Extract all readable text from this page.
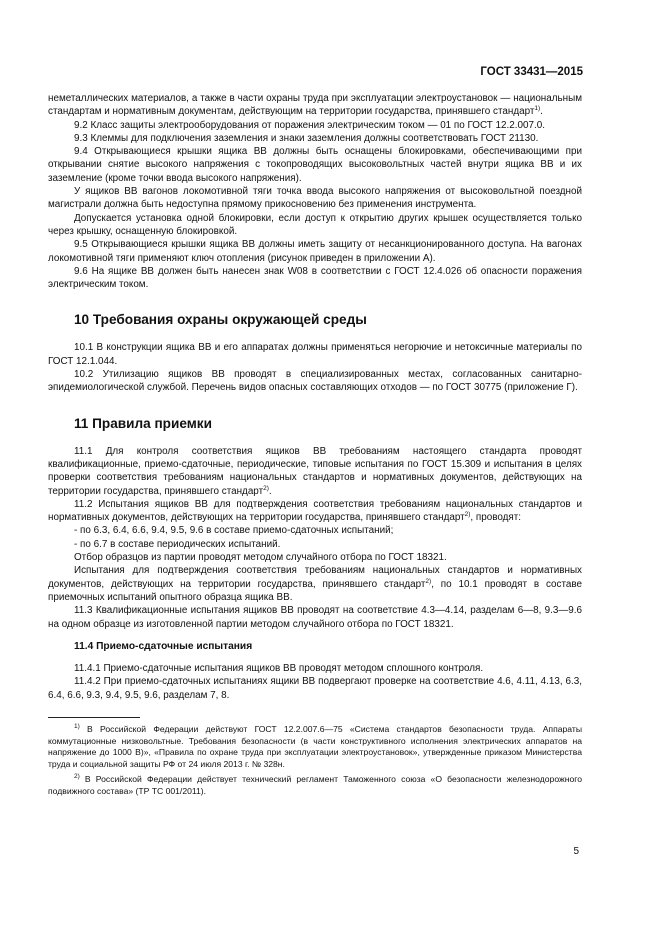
ГОСТ 33431—2015

неметаллических материалов, а также в части охраны труда при эксплуатации электроустановок — национальным стандартам и нормативным документам, действующим на территории государства, принявшего стандарт$^{1)}$.

9.2 Класс защиты электрооборудования от поражения электрическим током — 01 по ГОСТ 12.2.007.0.

9.3 Клеммы для подключения заземления и знаки заземления должны соответствовать ГОСТ 21130.

9.4 Открывающиеся крышки ящика ВВ должны быть оснащены блокировками, обеспечивающими при открывании снятие высокого напряжения с токопроводящих высоковольтных частей внутри ящика ВВ и их заземление (кроме точки ввода высокого напряжения).

У ящиков ВВ вагонов локомотивной тяги точка ввода высокого напряжения от высоковольтной поездной магистрали должна быть недоступна прямому прикосновению без применения инструмента.

Допускается установка одной блокировки, если доступ к открытию других крышек осуществляется только через крышку, оснащенную блокировкой.

9.5 Открывающиеся крышки ящика ВВ должны иметь защиту от несанкционированного доступа. На вагонах локомотивной тяги применяют ключ отопления (рисунок приведен в приложении А).

9.6 На ящике ВВ должен быть нанесен знак W08 в соответствии с ГОСТ 12.4.026 об опасности поражения электрическим током.

10 Требования охраны окружающей среды

10.1 В конструкции ящика ВВ и его аппаратах должны применяться негорючие и нетоксичные материалы по ГОСТ 12.1.044.

10.2 Утилизацию ящиков ВВ проводят в специализированных местах, согласованных санитарно-эпидемиологической службой. Перечень видов опасных составляющих отходов — по ГОСТ 30775 (приложение Г).

11 Правила приемки

11.1 Для контроля соответствия ящиков ВВ требованиям настоящего стандарта проводят квалификационные, приемо-сдаточные, периодические, типовые испытания по ГОСТ 15.309 и испытания в целях проверки соответствия требованиям национальных стандартов и нормативных документов, действующих на территории государства, принявшего стандарт$^{2)}$.

11.2 Испытания ящиков ВВ для подтверждения соответствия требованиям национальных стандартов и нормативных документов, действующих на территории государства, принявшего стандарт$^{2)}$, проводят:

- по 6.3, 6.4, 6.6, 9.4, 9.5, 9.6 в составе приемо-сдаточных испытаний;

- по 6.7 в составе периодических испытаний.

Отбор образцов из партии проводят методом случайного отбора по ГОСТ 18321.

Испытания для подтверждения соответствия требованиям национальных стандартов и нормативных документов, действующих на территории государства, принявшего стандарт$^{2)}$, по 10.1 проводят в составе приемочных испытаний опытного образца ящика ВВ.

11.3 Квалификационные испытания ящиков ВВ проводят на соответствие 4.3—4.14, разделам 6—8, 9.3—9.6 на одном образце из изготовленной партии методом случайного отбора по ГОСТ 18321.

11.4 Приемо-сдаточные испытания

11.4.1 Приемо-сдаточные испытания ящиков ВВ проводят методом сплошного контроля.

11.4.2 При приемо-сдаточных испытаниях ящики ВВ подвергают проверке на соответствие 4.6, 4.11, 4.13, 6.3, 6.4, 6.6, 9.3, 9.4, 9.5, 9.6, разделам 7, 8.

$^{1)}$ В Российской Федерации действуют ГОСТ 12.2.007.6—75 «Система стандартов безопасности труда. Аппараты коммутационные низковольтные. Требования безопасности (в части конструктивного исполнения электрических аппаратов на напряжение до 1000 В)», «Правила по охране труда при эксплуатации электроустановок», утвержденные приказом Министерства труда и социальной защиты РФ от 24 июля 2013 г. № 328н.

$^{2)}$ В Российской Федерации действует технический регламент Таможенного союза «О безопасности железнодорожного подвижного состава» (ТР ТС 001/2011).

5
